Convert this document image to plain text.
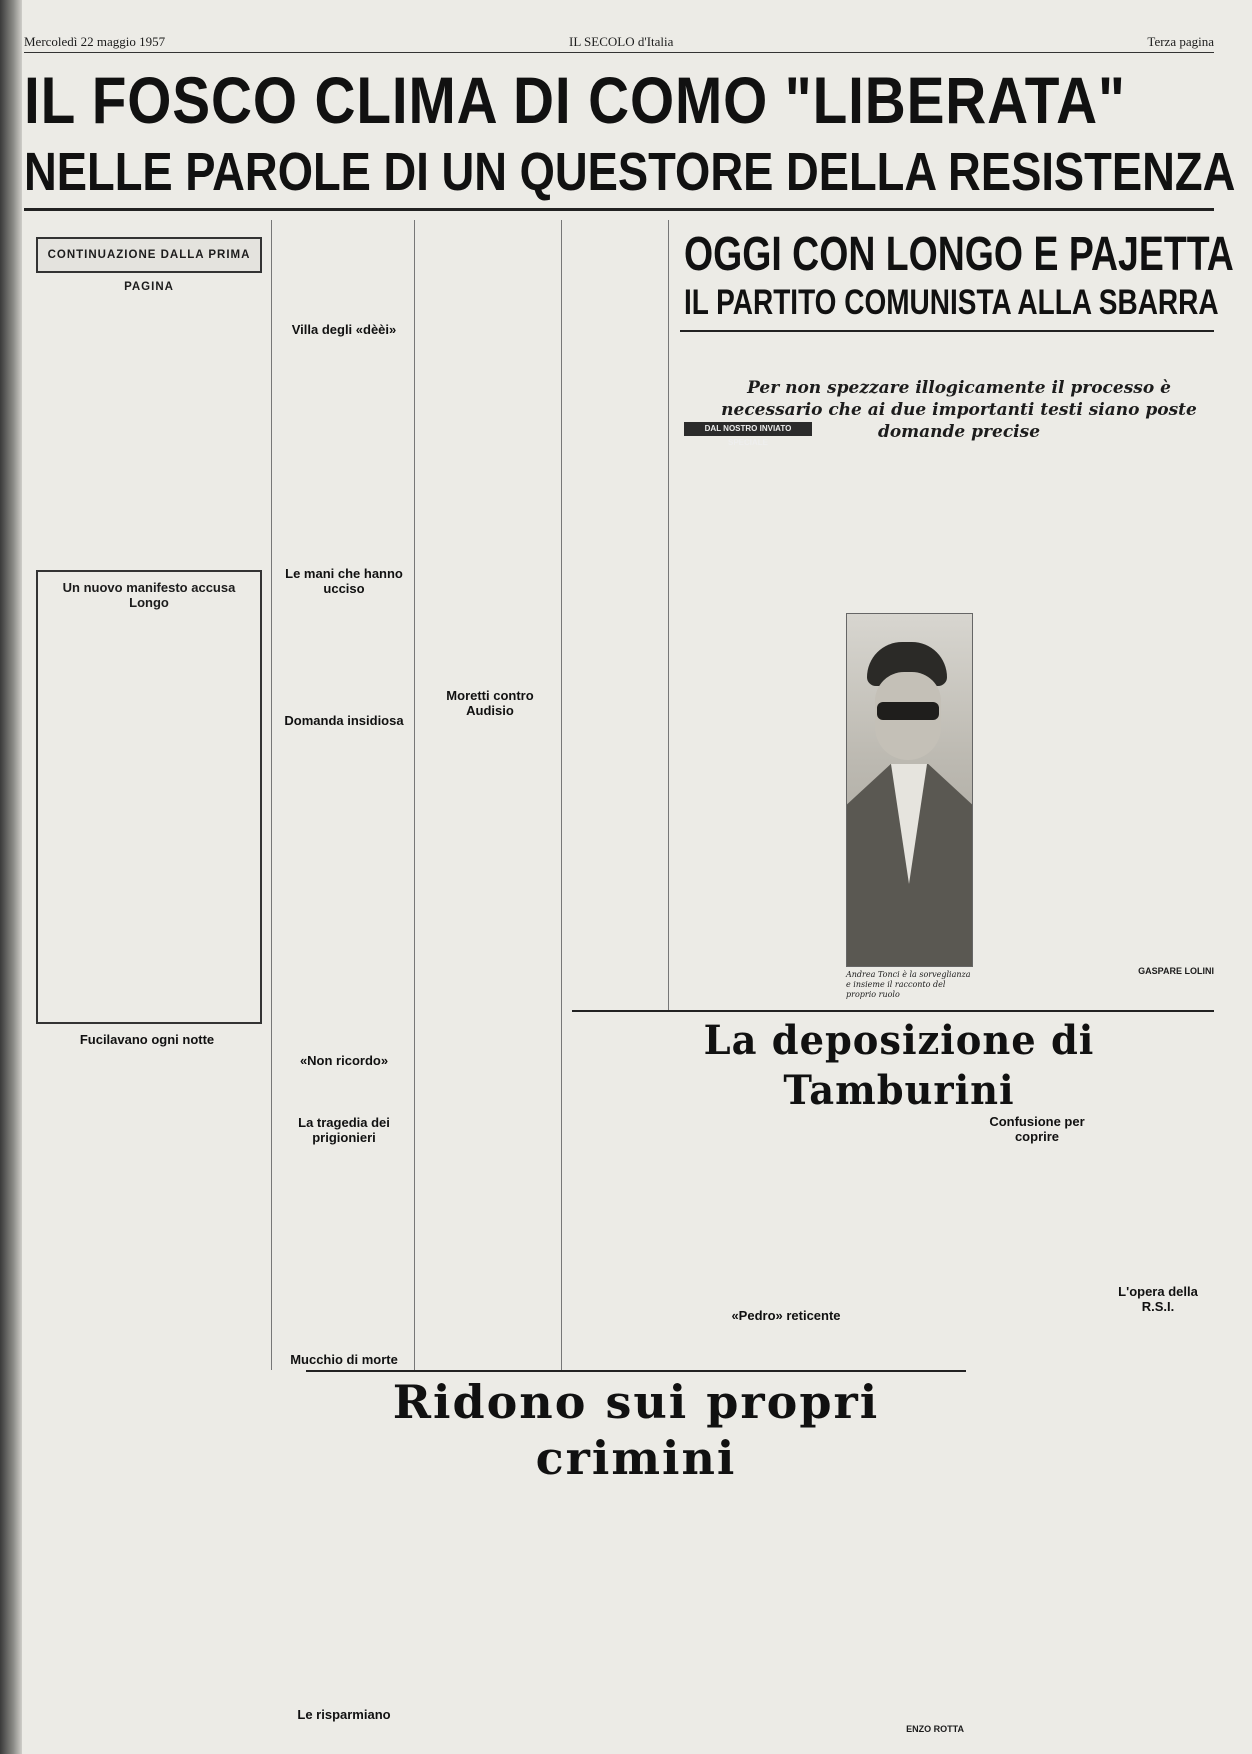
Mercoledì 22 maggio 1957	IL SECOLO d'Italia	Terza pagina
IL FOSCO CLIMA DI COMO "LIBERATA"
NELLE PAROLE DI UN QUESTORE DELLA RESISTENZA
CONTINUAZIONE DALLA PRIMA PAGINA
Villa degli «dèèi»
Le mani che hanno ucciso
Domanda insidiosa
La tragedia dei prigionieri
Mucchio di morte
Fucilavano ogni notte
Un nuovo manifesto accusa Longo
Moretti contro Audisio
«Non ricordo»
Le risparmiano
OGGI CON LONGO E PAJETTA
IL PARTITO COMUNISTA ALLA SBARRA
Per non spezzare illogicamente il processo è necessario che ai due importanti testi siano poste domande precise
DAL NOSTRO INVIATO SPECIALE
Andrea Tonci è la sorveglianza e insieme il racconto del proprio ruolo
GASPARE LOLINI
La deposizione di Tamburini
«Pedro» reticente
Confusione per coprire
L'opera della R.S.I.
Ridono sui propri crimini
ENZO ROTTA
